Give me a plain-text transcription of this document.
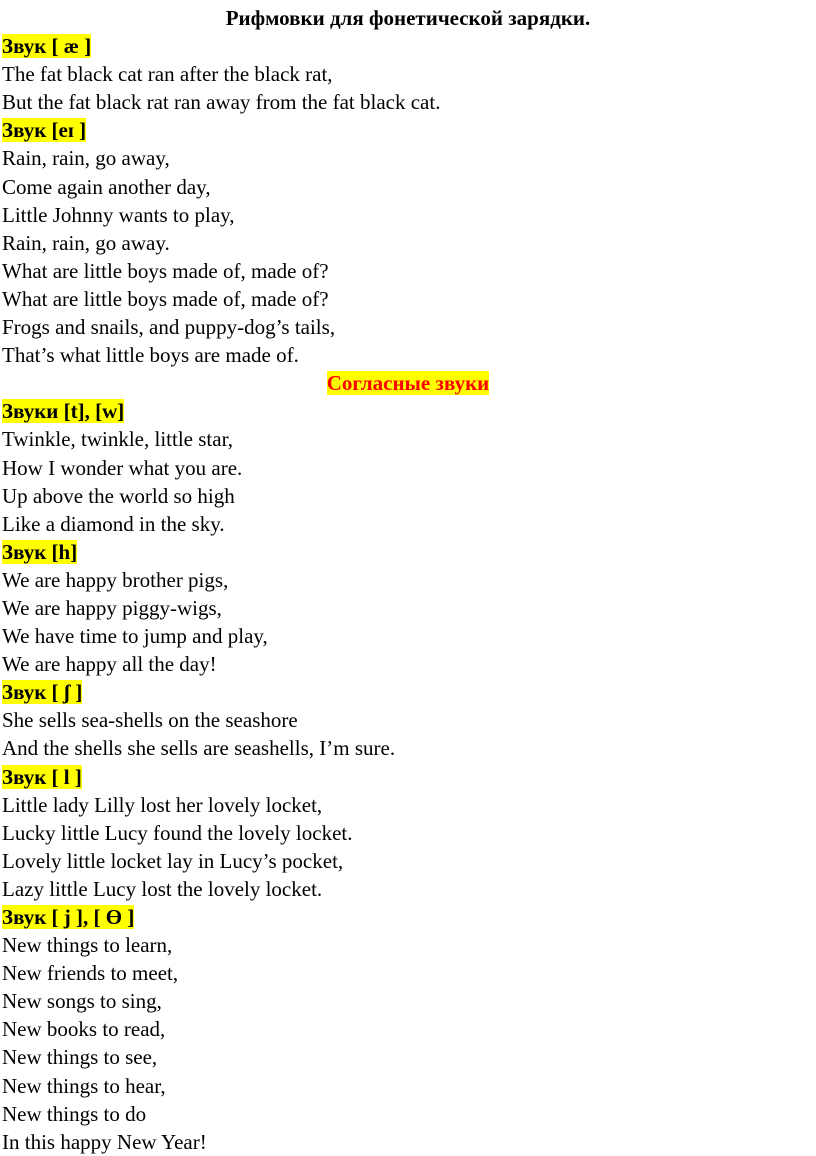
Рифмовки для фонетической зарядки.
Звук [ æ ]
The fat black cat ran after the black rat,
But the fat black rat ran away from the fat black cat.
Звук [eɪ ]
Rain, rain, go away,
Come again another day,
Little Johnny wants to play,
Rain, rain, go away.
What are little boys made of, made of?
What are little boys made of, made of?
Frogs and snails, and puppy-dog’s tails,
That’s what little boys are made of.
Согласные звуки
Звуки [t], [w]
Twinkle, twinkle, little star,
How I wonder what you are.
Up above the world so high
Like a diamond in the sky.
Звук [h]
We are happy brother pigs,
We are happy piggy-wigs,
We have time to jump and play,
We are happy all the day!
Звук [ ʃ ]
She sells sea-shells on the seashore
And the shells she sells are seashells, I’m sure.
Звук [ l ]
Little lady Lilly lost her lovely locket,
Lucky little Lucy found the lovely locket.
Lovely little locket lay in Lucy’s pocket,
Lazy little Lucy lost the lovely locket.
Звук [ j ], [ Ɵ ]
New things to learn,
New friends to meet,
New songs to sing,
New books to read,
New things to see,
New things to hear,
New things to do
In this happy New Year!
